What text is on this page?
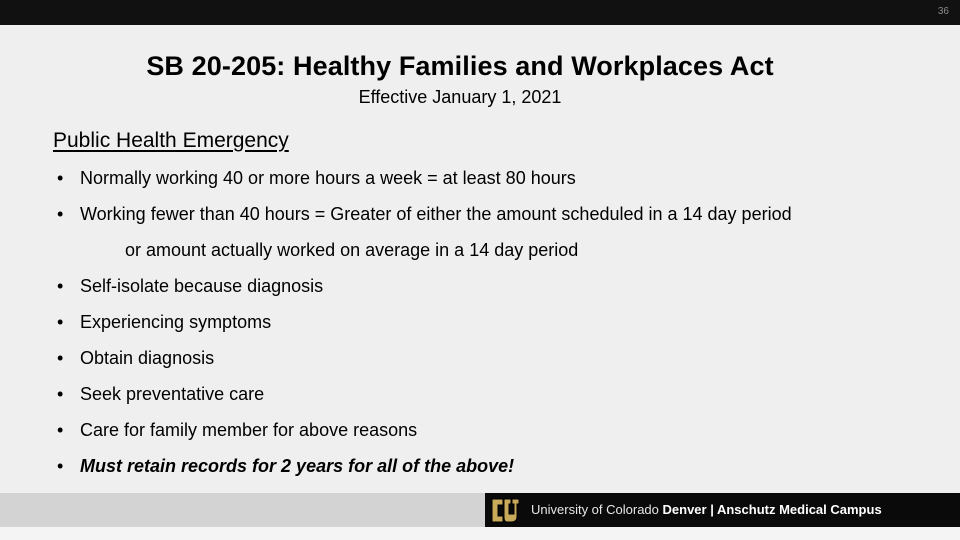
36
SB 20-205: Healthy Families and Workplaces Act
Effective January 1, 2021
Public Health Emergency
• Normally working 40 or more hours a week = at least 80 hours
• Working fewer than 40 hours = Greater of either the amount scheduled in a 14 day period
or amount actually worked on average in a 14 day period
• Self-isolate because diagnosis
• Experiencing symptoms
• Obtain diagnosis
• Seek preventative care
• Care for family member for above reasons
• Must retain records for 2 years for all of the above!
University of Colorado Denver | Anschutz Medical Campus
